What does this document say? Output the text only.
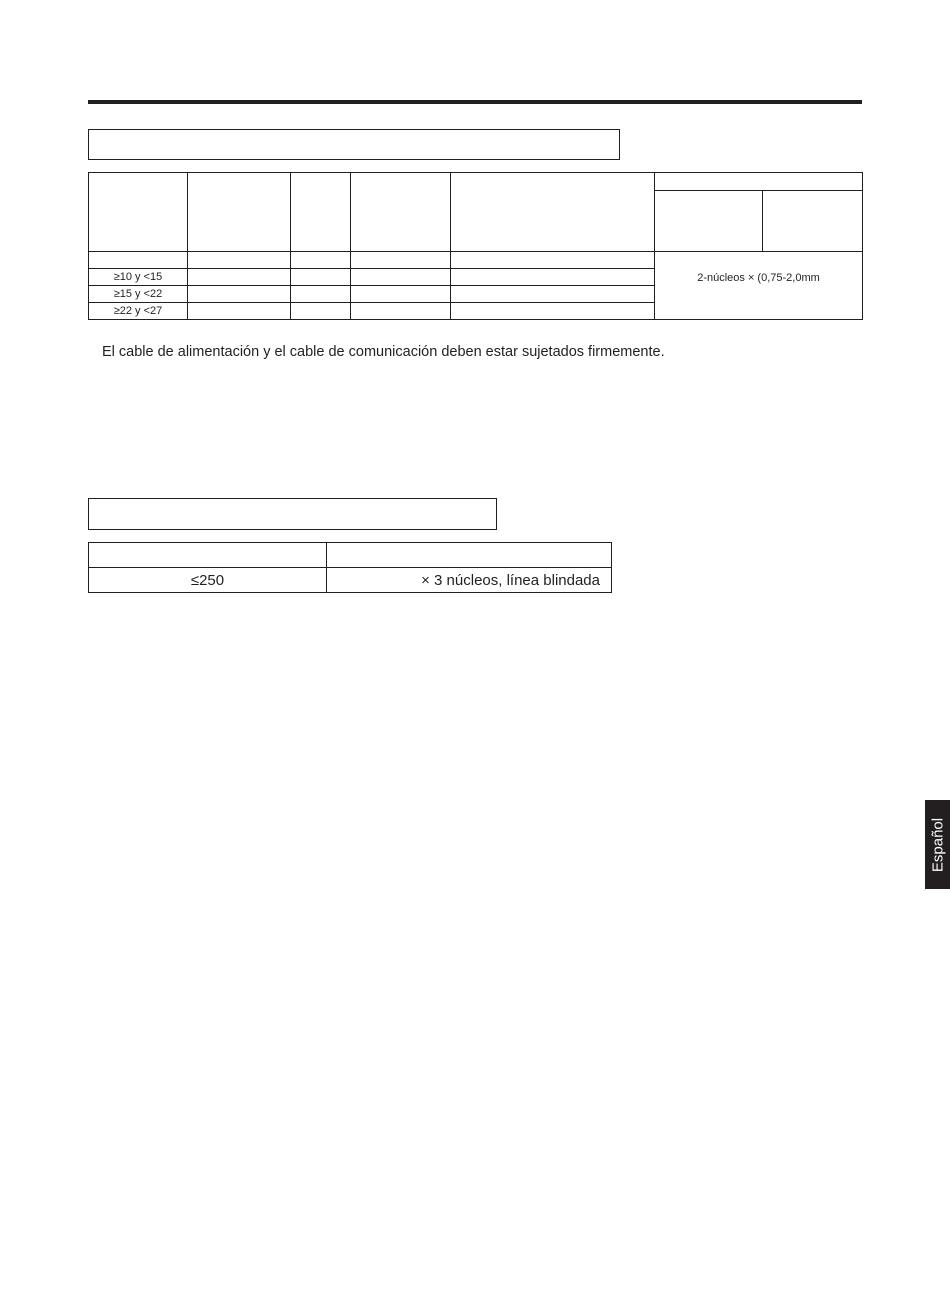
					2-núcleos × (0,75-2,0mm	
≥10 y <15						
≥15 y <22						
≥22 y <27						
El cable de alimentación y el cable de comunicación deben estar sujetados firmemente.

≤250	× 3 núcleos, línea blindada
Español
